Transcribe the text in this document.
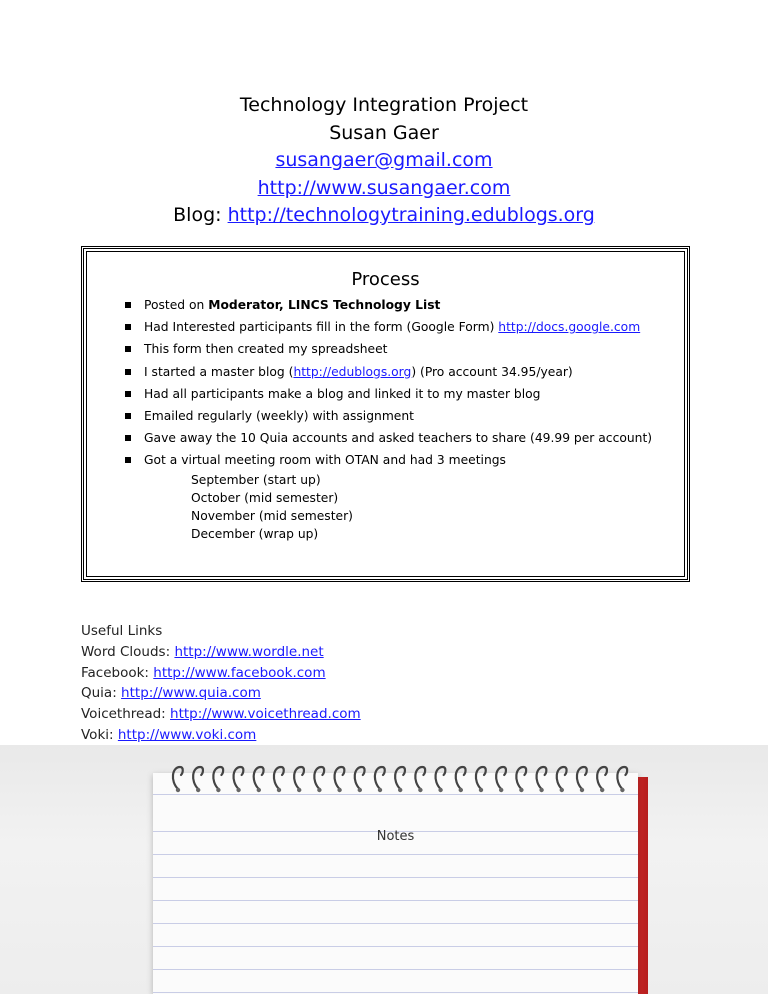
Technology Integration Project
Susan Gaer
susangaer@gmail.com
http://www.susangaer.com
Blog: http://technologytraining.edublogs.org
Process
Posted on Moderator, LINCS Technology List
Had Interested participants fill in the form (Google Form) http://docs.google.com
This form then created my spreadsheet
I started a master blog (http://edublogs.org) (Pro account 34.95/year)
Had all participants make a blog and linked it to my master blog
Emailed regularly (weekly) with assignment
Gave away the 10 Quia accounts and asked teachers to share (49.99 per account)
Got a virtual meeting room with OTAN and had 3 meetings
September (start up)
October (mid semester)
November (mid semester)
December (wrap up)
Useful Links
Word Clouds: http://www.wordle.net
Facebook: http://www.facebook.com
Quia: http://www.quia.com
Voicethread: http://www.voicethread.com
Voki: http://www.voki.com
Notes
